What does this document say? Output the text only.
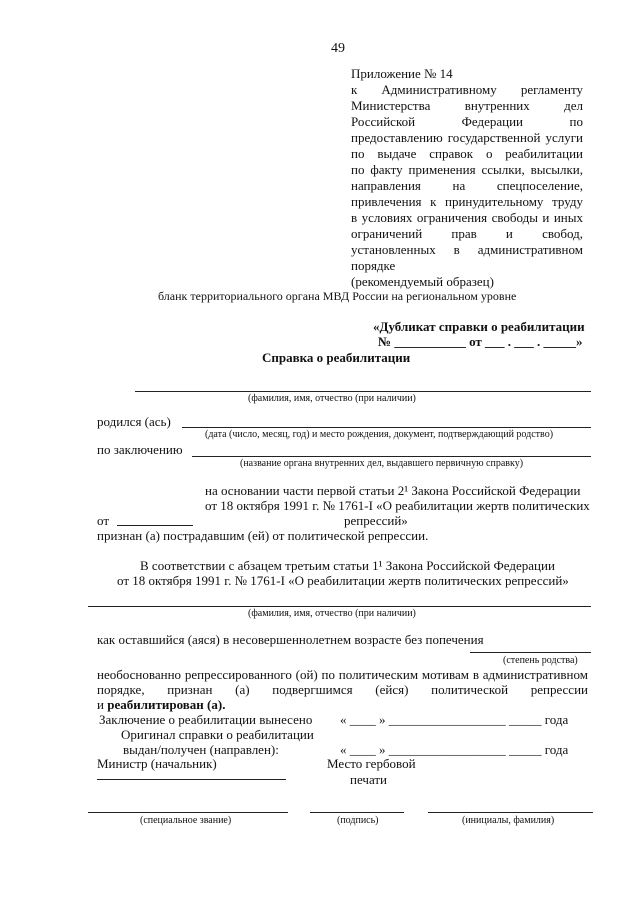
49
Приложение № 14
к Административному регламенту
Министерства внутренних дел
Российской Федерации по
предоставлению государственной услуги
по выдаче справок о реабилитации
по факту применения ссылки, высылки,
направления на спецпоселение,
привлечения к принудительному труду
в условиях ограничения свободы и иных
ограничений прав и свобод,
установленных в административном
порядке
(рекомендуемый образец)
бланк территориального органа МВД России на региональном уровне
«Дубликат справки о реабилитации
№ ___________ от ___ . ___ . _____»
Справка о реабилитации
(фамилия, имя, отчество (при наличии)
родился (ась)
(дата (число, месяц, год) и место рождения, документ, подтверждающий родство)
по заключению
(название органа внутренних дел, выдавшего первичную справку)
на основании части первой статьи 2¹ Закона Российской Федерации
от 18 октября 1991 г. № 1761-I «О реабилитации жертв политических
от	репрессий»
признан (а) пострадавшим (ей) от политической репрессии.
В соответствии с абзацем третьим статьи 1¹ Закона Российской Федерации
от 18 октября 1991 г. № 1761-I «О реабилитации жертв политических репрессий»
(фамилия, имя, отчество (при наличии)
как оставшийся (аяся) в несовершеннолетнем возрасте без попечения
(степень родства)
необоснованно репрессированного (ой) по политическим мотивам в административном
порядке, признан (а) подвергшимся (ейся) политической репрессии
и реабилитирован (а).
Заключение о реабилитации вынесено « ____ » __________________ _____ года
Оригинал справки о реабилитации
выдан/получен (направлен):	« ____ » __________________ _____ года
Министр (начальник)	Место гербовой
печати
(специальное звание)	(подпись)	(инициалы, фамилия)
